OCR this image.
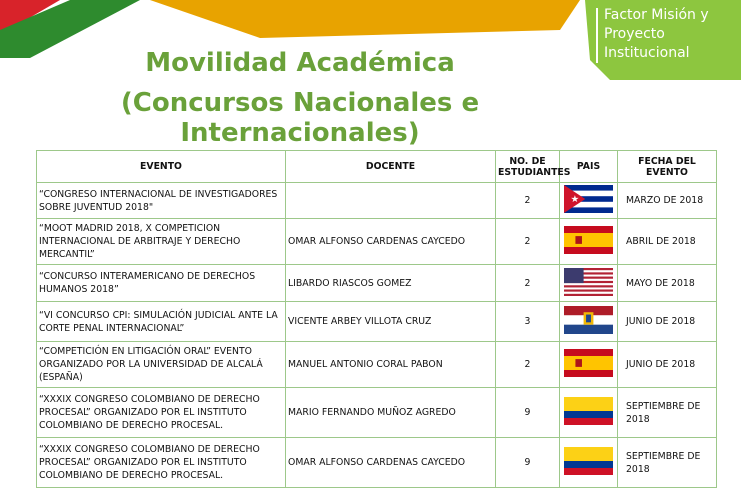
Factor Misión y
Proyecto
Institucional
Movilidad Académica
(Concursos Nacionales e Internacionales)
EVENTO	DOCENTE	NO. DE ESTUDIANTES	PAIS	FECHA DEL EVENTO
“CONGRESO INTERNACIONAL DE INVESTIGADORES SOBRE JUVENTUD 2018"		2	★	MARZO DE 2018
“MOOT MADRID 2018, X COMPETICION INTERNACIONAL DE ARBITRAJE Y DERECHO MERCANTIL”	OMAR ALFONSO CARDENAS CAYCEDO	2		ABRIL DE 2018
“CONCURSO INTERAMERICANO DE DERECHOS HUMANOS 2018”	LIBARDO RIASCOS GOMEZ	2		MAYO DE 2018
“VI CONCURSO CPI: SIMULACIÓN JUDICIAL ANTE LA CORTE PENAL INTERNACIONAL”	VICENTE ARBEY VILLOTA CRUZ	3		JUNIO DE 2018
“COMPETICIÓN EN LITIGACIÓN ORAL” EVENTO ORGANIZADO POR LA UNIVERSIDAD DE ALCALÁ (ESPAÑA)	MANUEL ANTONIO CORAL PABON	2		JUNIO DE 2018
“XXXIX CONGRESO COLOMBIANO DE DERECHO PROCESAL” ORGANIZADO POR EL INSTITUTO COLOMBIANO DE DERECHO PROCESAL.	MARIO FERNANDO MUÑOZ AGREDO	9		SEPTIEMBRE DE 2018
“XXXIX CONGRESO COLOMBIANO DE DERECHO PROCESAL” ORGANIZADO POR EL INSTITUTO COLOMBIANO DE DERECHO PROCESAL.	OMAR ALFONSO CARDENAS CAYCEDO	9		SEPTIEMBRE DE 2018
